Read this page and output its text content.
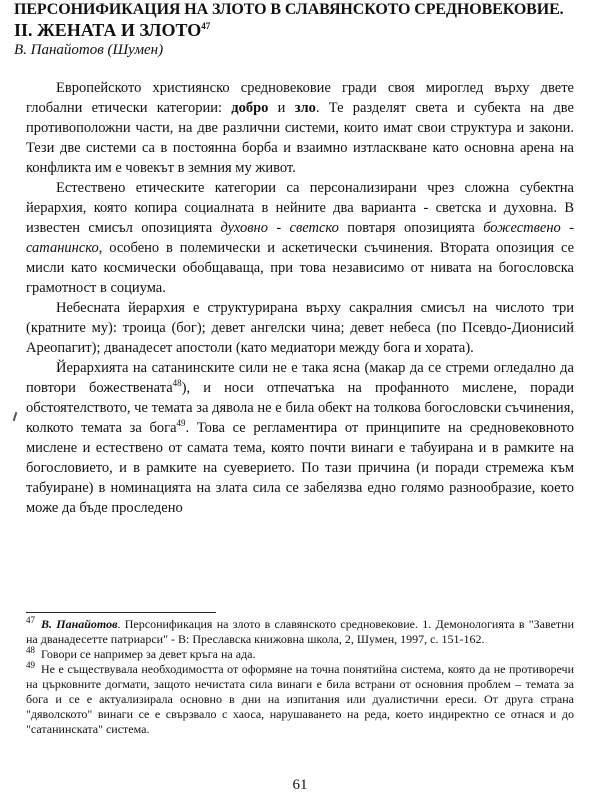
ПЕРСОНИФИКАЦИЯ НА ЗЛОТО В СЛАВЯНСКОТО СРЕДНОВЕКОВИЕ.

II. ЖЕНАТА И ЗЛОТО$^{47}$

В. Панайотов (Шумен)

Европейското християнско средновековие гради своя мироглед върху двете глобални етически категории: добро и зло. Те разделят света и субекта на две противоположни части, на две различни системи, които имат свои структура и закони. Тези две системи са в постоянна борба и взаимно изтласкване като основна арена на конфликта им е човекът в земния му живот.

Естествено етическите категории са персонализирани чрез сложна субектна йерархия, която копира социалната в нейните два варианта - светска и духовна. В известен смисъл опозицията духовно - светско повтаря опозицията божествено - сатанинско, особено в полемически и аскетически съчинения. Втората опозиция се мисли като космически обобщаваща, при това независимо от нивата на богословска грамотност в социума.

Небесната йерархия е структурирана върху сакралния смисъл на числото три (кратните му): троица (бог); девет ангелски чина; девет небеса (по Псевдо-Дионисий Ареопагит); дванадесет апостоли (като медиатори между бога и хората).

Йерархията на сатанинските сили не е така ясна (макар да се стреми огледално да повтори божествената$^{48}$), и носи отпечатъка на профанното мислене, поради обстоятелството, че темата за дявола не е била обект на толкова богословски съчинения, колкото темата за бога$^{49}$. Това се регламентира от принципите на средновековното мислене и естествено от самата тема, която почти винаги е табуирана и в рамките на богословието, и в рамките на суеверието. По тази причина (и поради стремежа към табуиране) в номинацията на злата сила се забелязва едно голямо разнообразие, което може да бъде проследено

$^{47}$ В. Панайотов. Персонификация на злото в славянското средновековие. 1. Демонологията в "Заветни на дванадесетте патриарси" - В: Преславска книжовна школа, 2, Шумен, 1997, с. 151-162.

$^{48}$ Говори се например за девет кръга на ада.

$^{49}$ Не е съществувала необходимостта от оформяне на точна понятийна система, която да не противоречи на църковните догмати, защото нечистата сила винаги е била встрани от основния проблем – темата за бога и се е актуализирала основно в дни на изпитания или дуалистични ереси. От друга страна "дяволското" винаги се е свързвало с хаоса, нарушаването на реда, което индиректно се отнася и до "сатанинската" система.

61
